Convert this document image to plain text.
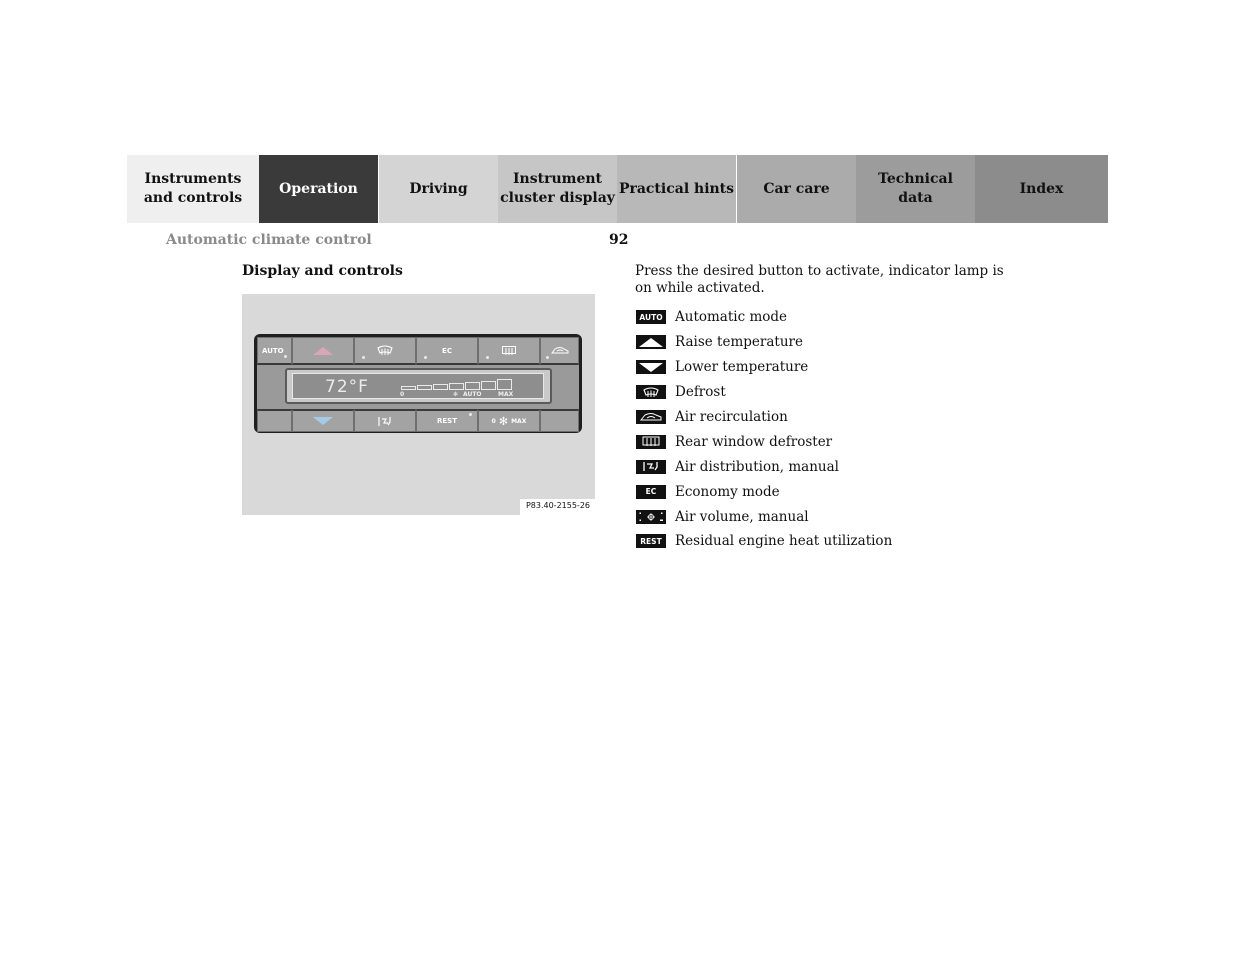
Instruments
and controls
Operation	Driving
Instrument
cluster display
Practical hints	Car care
Technical
data
Index
Automatic climate control	92
Display and controls
AUTO	EC
72°F	0	✻ AUTO	MAX
REST	0 ✻ MAX
P83.40-2155-26
Press the desired button to activate, indicator lamp is on while activated.
AUTO Automatic mode
Raise temperature
Lower temperature
Defrost
Air recirculation
Rear window defroster
Air distribution, manual
EC Economy mode
Air volume, manual
REST Residual engine heat utilization
